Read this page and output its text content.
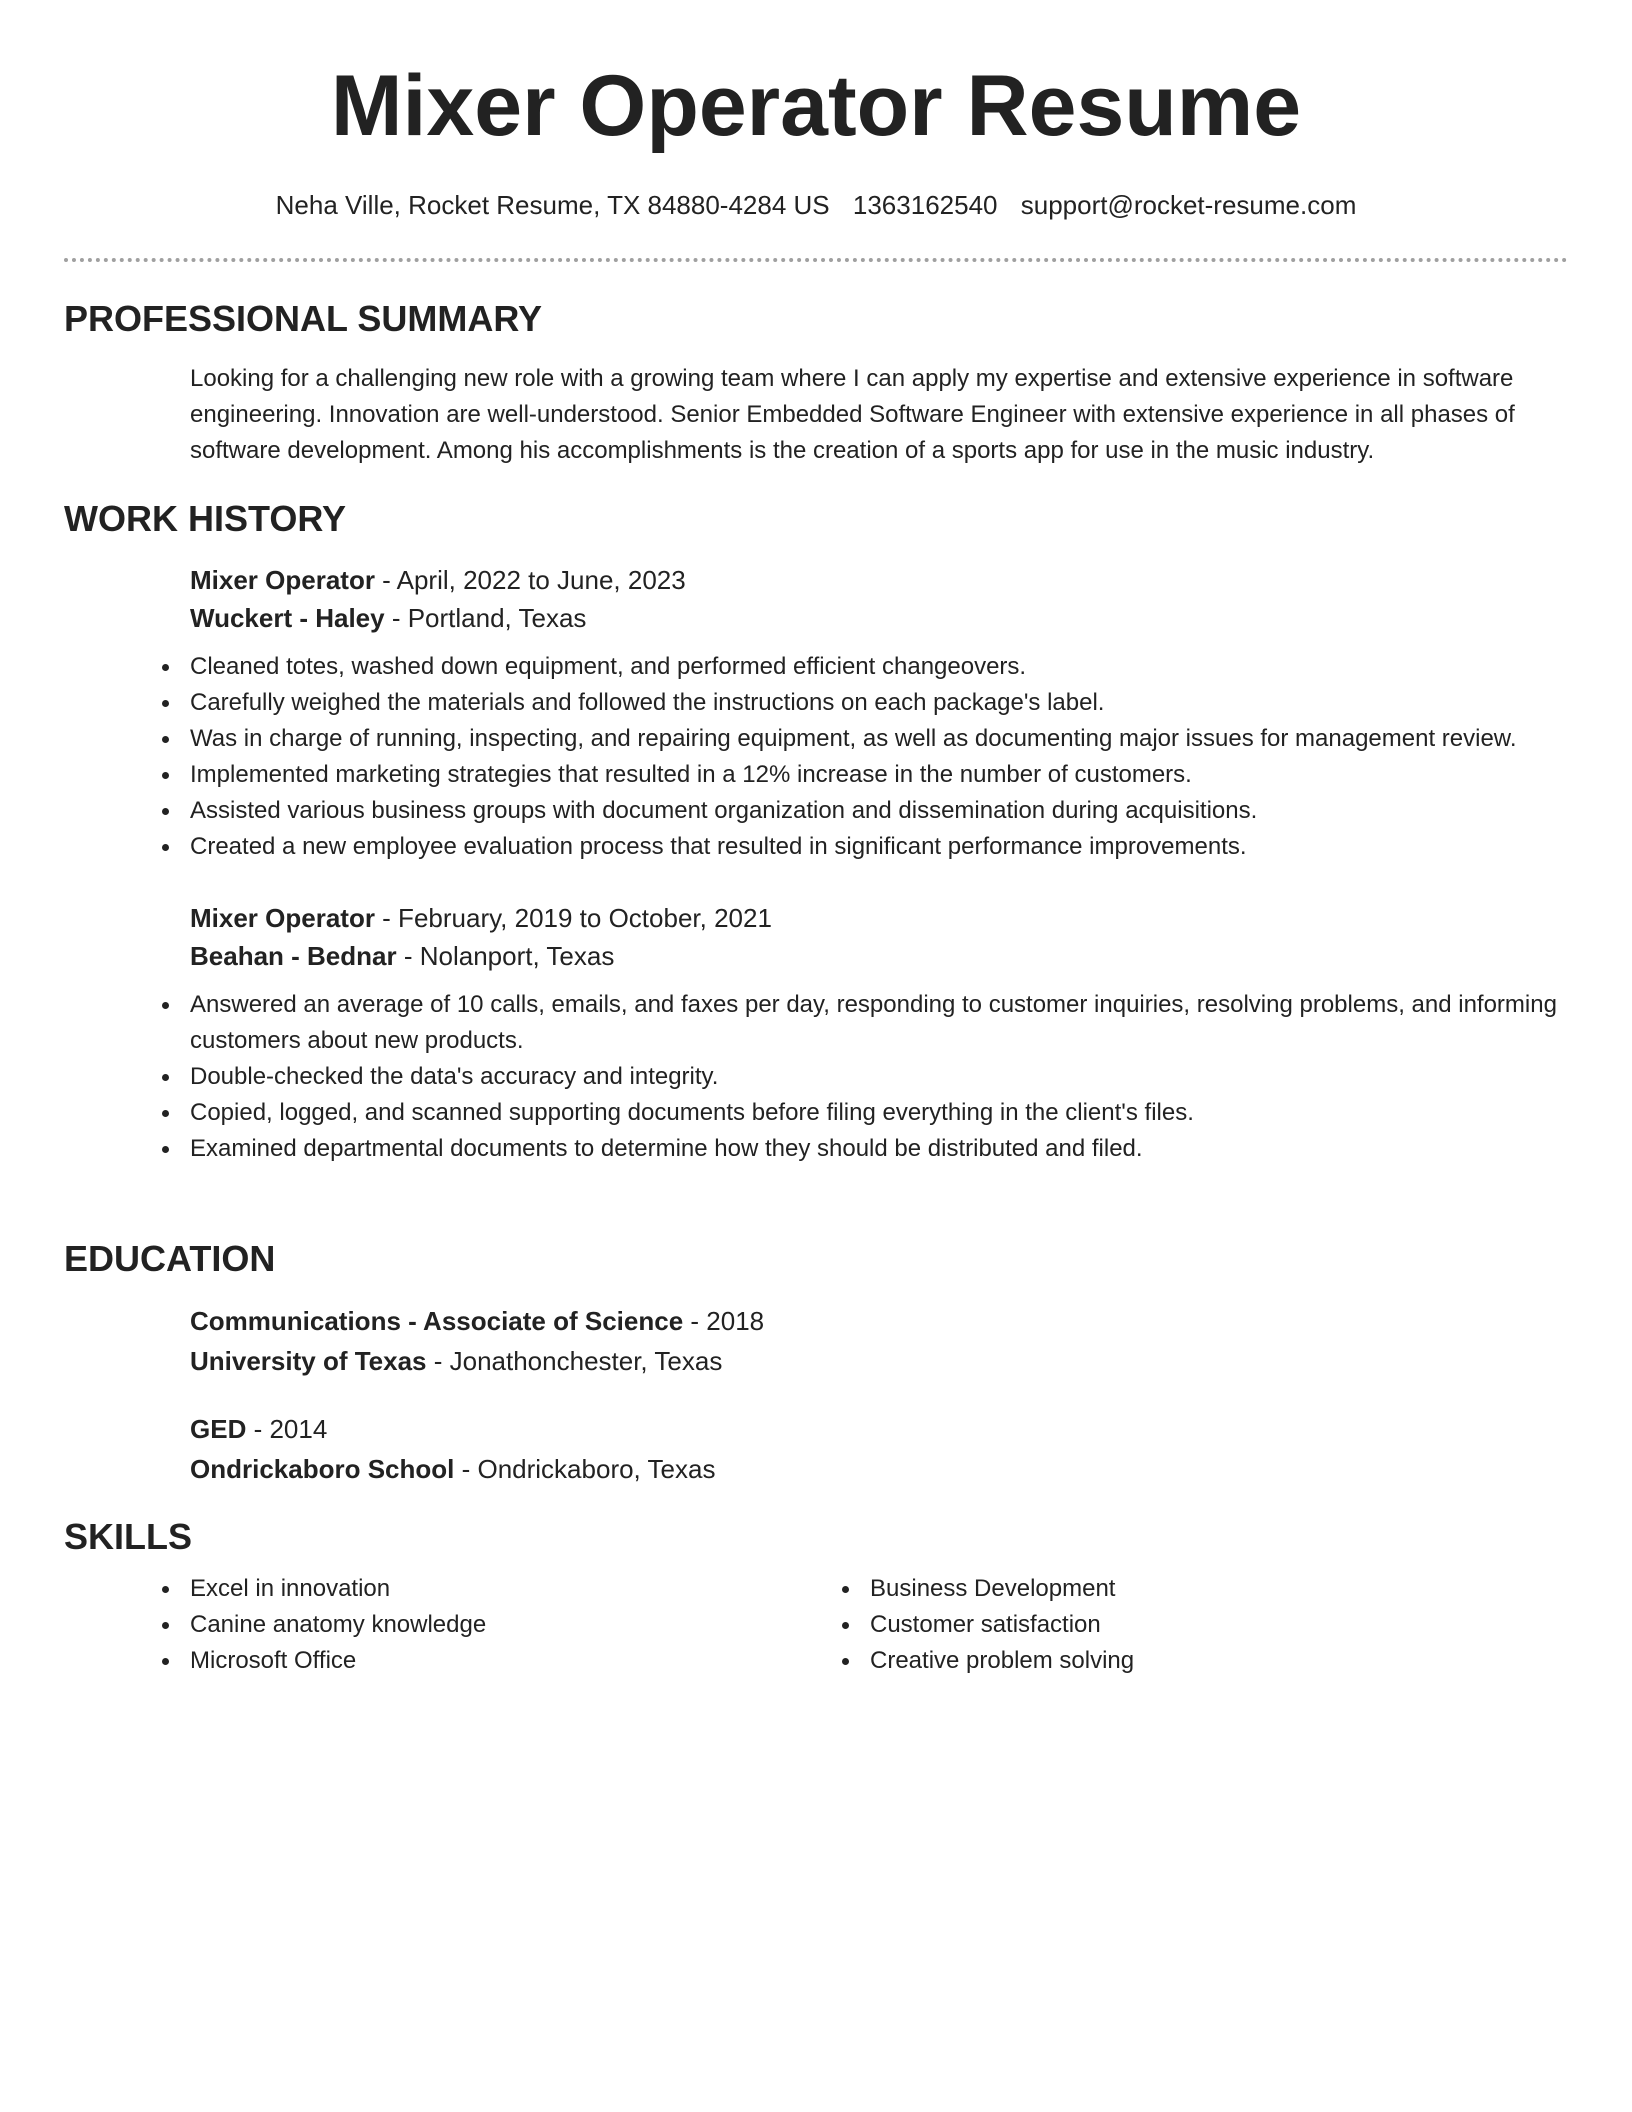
Mixer Operator Resume
Neha Ville, Rocket Resume, TX 84880-4284 US 1363162540 support@rocket-resume.com
PROFESSIONAL SUMMARY
Looking for a challenging new role with a growing team where I can apply my expertise and extensive experience in software engineering. Innovation are well-understood. Senior Embedded Software Engineer with extensive experience in all phases of software development. Among his accomplishments is the creation of a sports app for use in the music industry.
WORK HISTORY
Mixer Operator - April, 2022 to June, 2023
Wuckert - Haley - Portland, Texas
Cleaned totes, washed down equipment, and performed efficient changeovers.
Carefully weighed the materials and followed the instructions on each package's label.
Was in charge of running, inspecting, and repairing equipment, as well as documenting major issues for management review.
Implemented marketing strategies that resulted in a 12% increase in the number of customers.
Assisted various business groups with document organization and dissemination during acquisitions.
Created a new employee evaluation process that resulted in significant performance improvements.
Mixer Operator - February, 2019 to October, 2021
Beahan - Bednar - Nolanport, Texas
Answered an average of 10 calls, emails, and faxes per day, responding to customer inquiries, resolving problems, and informing customers about new products.
Double-checked the data's accuracy and integrity.
Copied, logged, and scanned supporting documents before filing everything in the client's files.
Examined departmental documents to determine how they should be distributed and filed.
EDUCATION
Communications - Associate of Science - 2018
University of Texas - Jonathonchester, Texas
GED - 2014
Ondrickaboro School - Ondrickaboro, Texas
SKILLS
Excel in innovation
Canine anatomy knowledge
Microsoft Office
Business Development
Customer satisfaction
Creative problem solving
